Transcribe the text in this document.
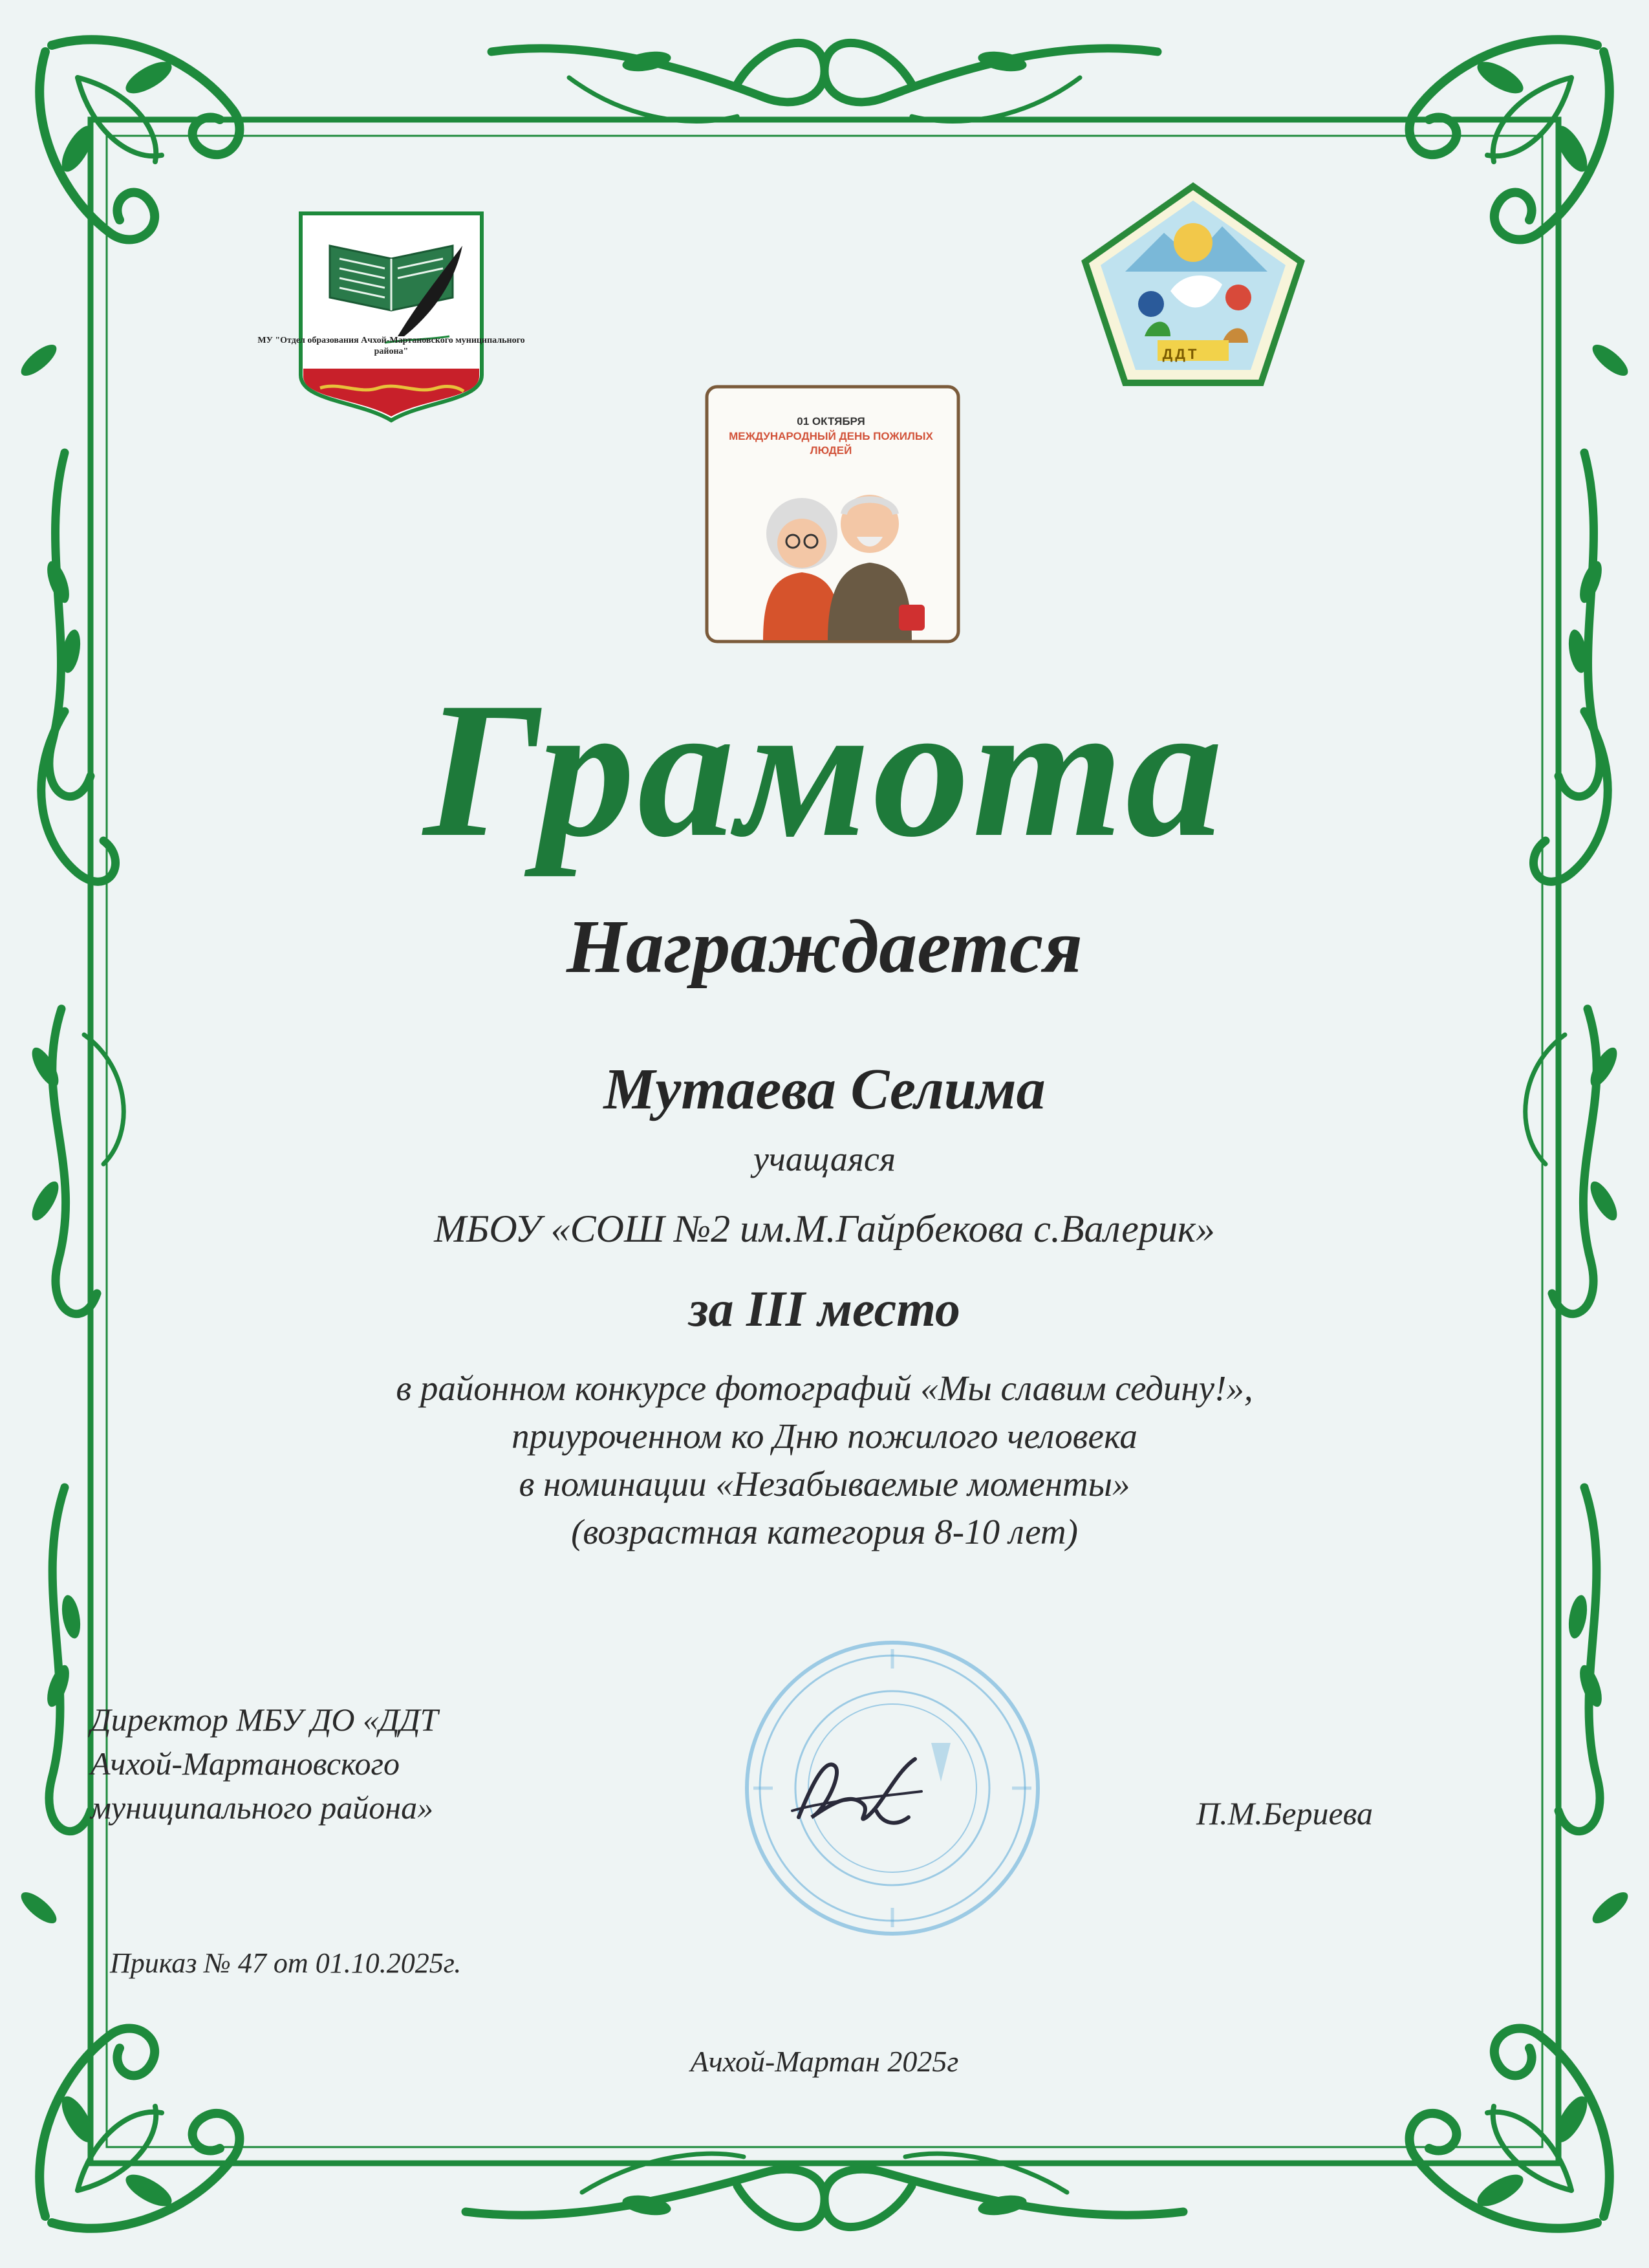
МУ "Отдел образования Ачхой-Мартановского муниципального района"
01 ОКТЯБРЯ
МЕЖДУНАРОДНЫЙ ДЕНЬ ПОЖИЛЫХ ЛЮДЕЙ
ДДТ
Грамота
Награждается
Мутаева Селима
учащаяся
МБОУ «СОШ №2 им.М.Гайрбекова с.Валерик»
за III место
в районном конкурсе фотографий «Мы славим седину!»,
приуроченном ко Дню пожилого человека
в номинации «Незабываемые моменты»
(возрастная категория 8-10 лет)
Директор МБУ ДО «ДДТ
Ачхой-Мартановского
муниципального района»	П.М.Бериева
Приказ № 47 от 01.10.2025г.
Ачхой-Мартан 2025г
